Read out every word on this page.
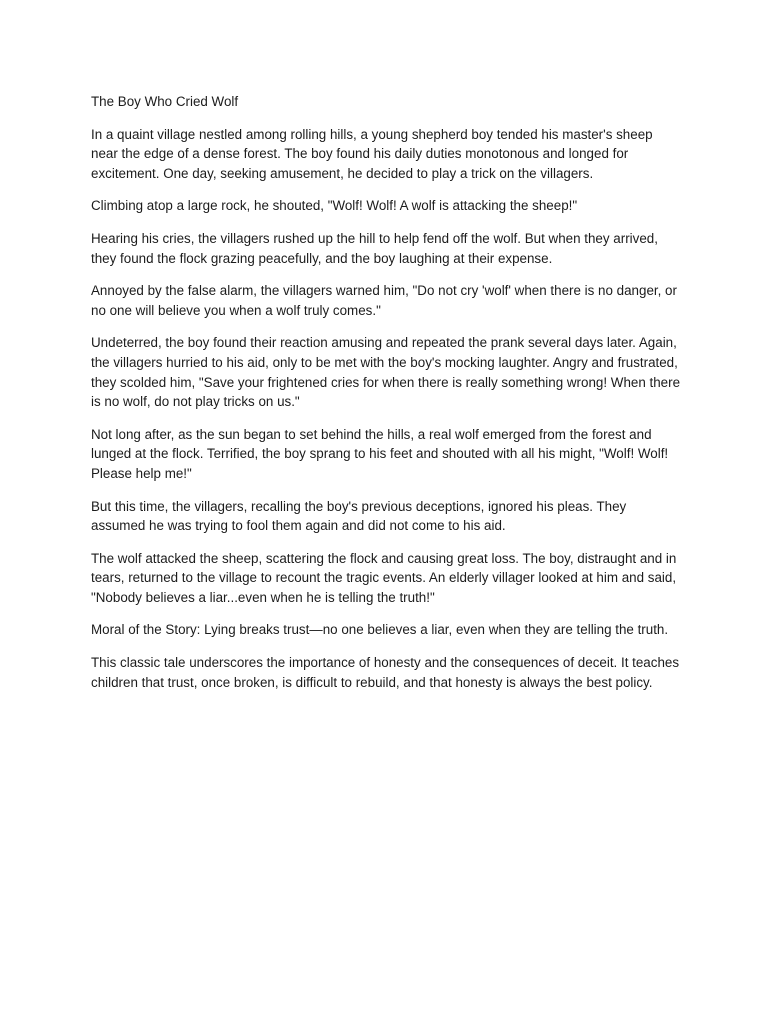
The Boy Who Cried Wolf

In a quaint village nestled among rolling hills, a young shepherd boy tended his master's sheep near the edge of a dense forest. The boy found his daily duties monotonous and longed for excitement. One day, seeking amusement, he decided to play a trick on the villagers.

Climbing atop a large rock, he shouted, "Wolf! Wolf! A wolf is attacking the sheep!"

Hearing his cries, the villagers rushed up the hill to help fend off the wolf. But when they arrived, they found the flock grazing peacefully, and the boy laughing at their expense.

Annoyed by the false alarm, the villagers warned him, "Do not cry 'wolf' when there is no danger, or no one will believe you when a wolf truly comes."

Undeterred, the boy found their reaction amusing and repeated the prank several days later. Again, the villagers hurried to his aid, only to be met with the boy's mocking laughter. Angry and frustrated, they scolded him, "Save your frightened cries for when there is really something wrong! When there is no wolf, do not play tricks on us."

Not long after, as the sun began to set behind the hills, a real wolf emerged from the forest and lunged at the flock. Terrified, the boy sprang to his feet and shouted with all his might, "Wolf! Wolf! Please help me!"

But this time, the villagers, recalling the boy's previous deceptions, ignored his pleas. They assumed he was trying to fool them again and did not come to his aid.

The wolf attacked the sheep, scattering the flock and causing great loss. The boy, distraught and in tears, returned to the village to recount the tragic events. An elderly villager looked at him and said, "Nobody believes a liar...even when he is telling the truth!"

Moral of the Story: Lying breaks trust—no one believes a liar, even when they are telling the truth.

This classic tale underscores the importance of honesty and the consequences of deceit. It teaches children that trust, once broken, is difficult to rebuild, and that honesty is always the best policy.
